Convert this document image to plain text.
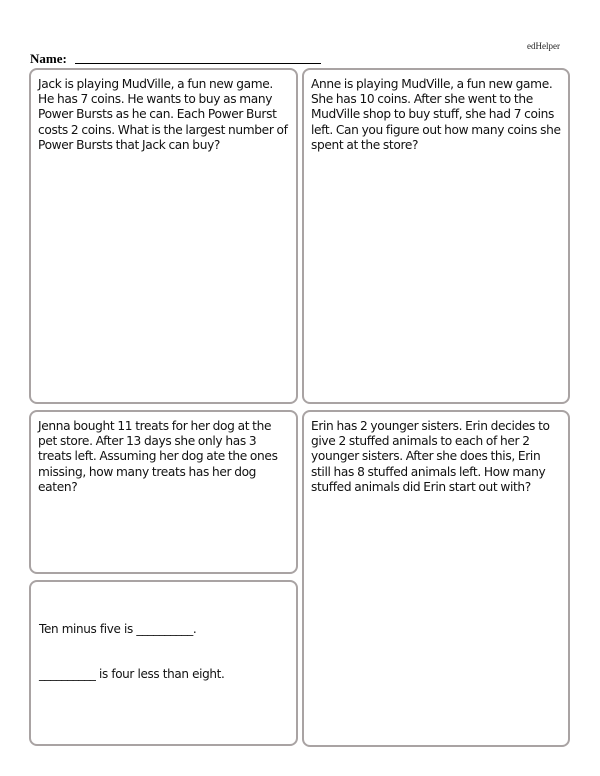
edHelper
Name:
Jack is playing MudVille, a fun new game. He has 7 coins. He wants to buy as many Power Bursts as he can. Each Power Burst costs 2 coins. What is the largest number of Power Bursts that Jack can buy?
Anne is playing MudVille, a fun new game. She has 10 coins. After she went to the MudVille shop to buy stuff, she had 7 coins left. Can you figure out how many coins she spent at the store?
Jenna bought 11 treats for her dog at the pet store. After 13 days she only has 3 treats left. Assuming her dog ate the ones missing, how many treats has her dog eaten?
Erin has 2 younger sisters. Erin decides to give 2 stuffed animals to each of her 2 younger sisters. After she does this, Erin still has 8 stuffed animals left. How many stuffed animals did Erin start out with?
Ten minus five is __________.
__________ is four less than eight.
